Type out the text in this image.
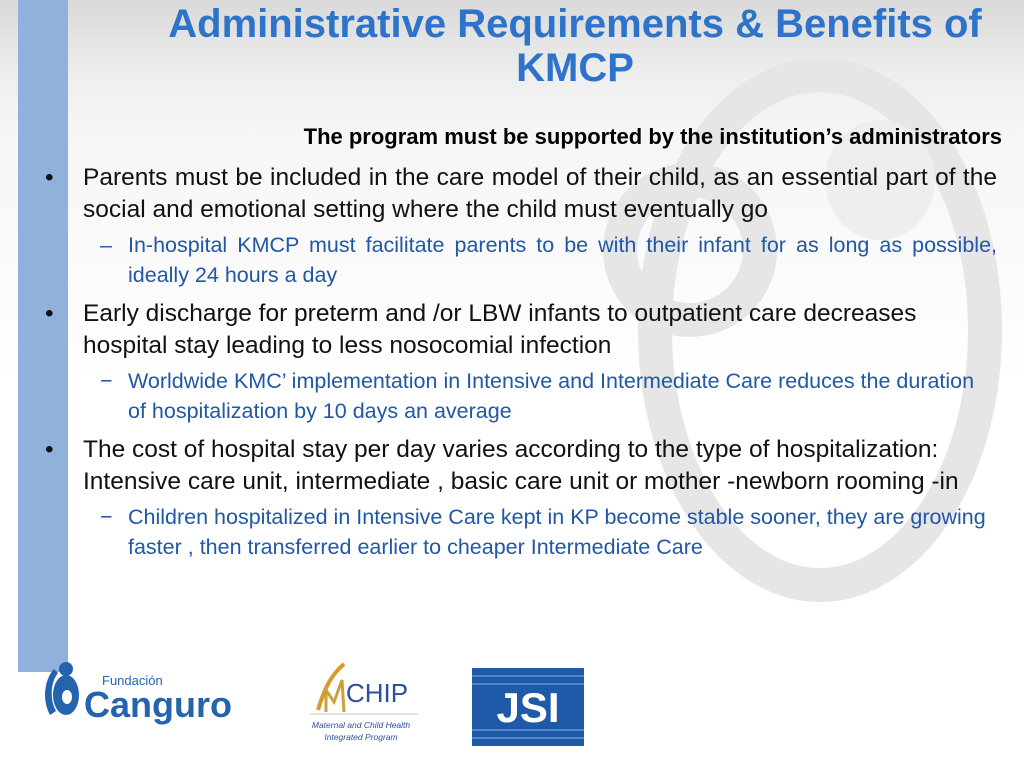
Administrative Requirements & Benefits of KMCP
The program must be supported by the institution’s administrators
•	Parents must be included in the care model of their child, as an essential part of the social and emotional setting where the child must eventually go
– In-hospital KMCP must facilitate parents to be with their infant for as long as possible, ideally 24 hours a day
•	Early discharge for preterm and /or LBW infants to outpatient care decreases hospital stay leading to less nosocomial infection
− Worldwide KMC’ implementation in Intensive and Intermediate Care reduces the duration of hospitalization by 10 days an average
•	The cost of hospital stay per day varies according to the type of hospitalization: Intensive care unit, intermediate , basic care unit or mother -newborn rooming -in
− Children hospitalized in Intensive Care kept in KP become stable sooner, they are growing faster , then transferred earlier to cheaper Intermediate Care
Fundación
Canguro	CHIP
Maternal and Child Health
Integrated Program
JSI
